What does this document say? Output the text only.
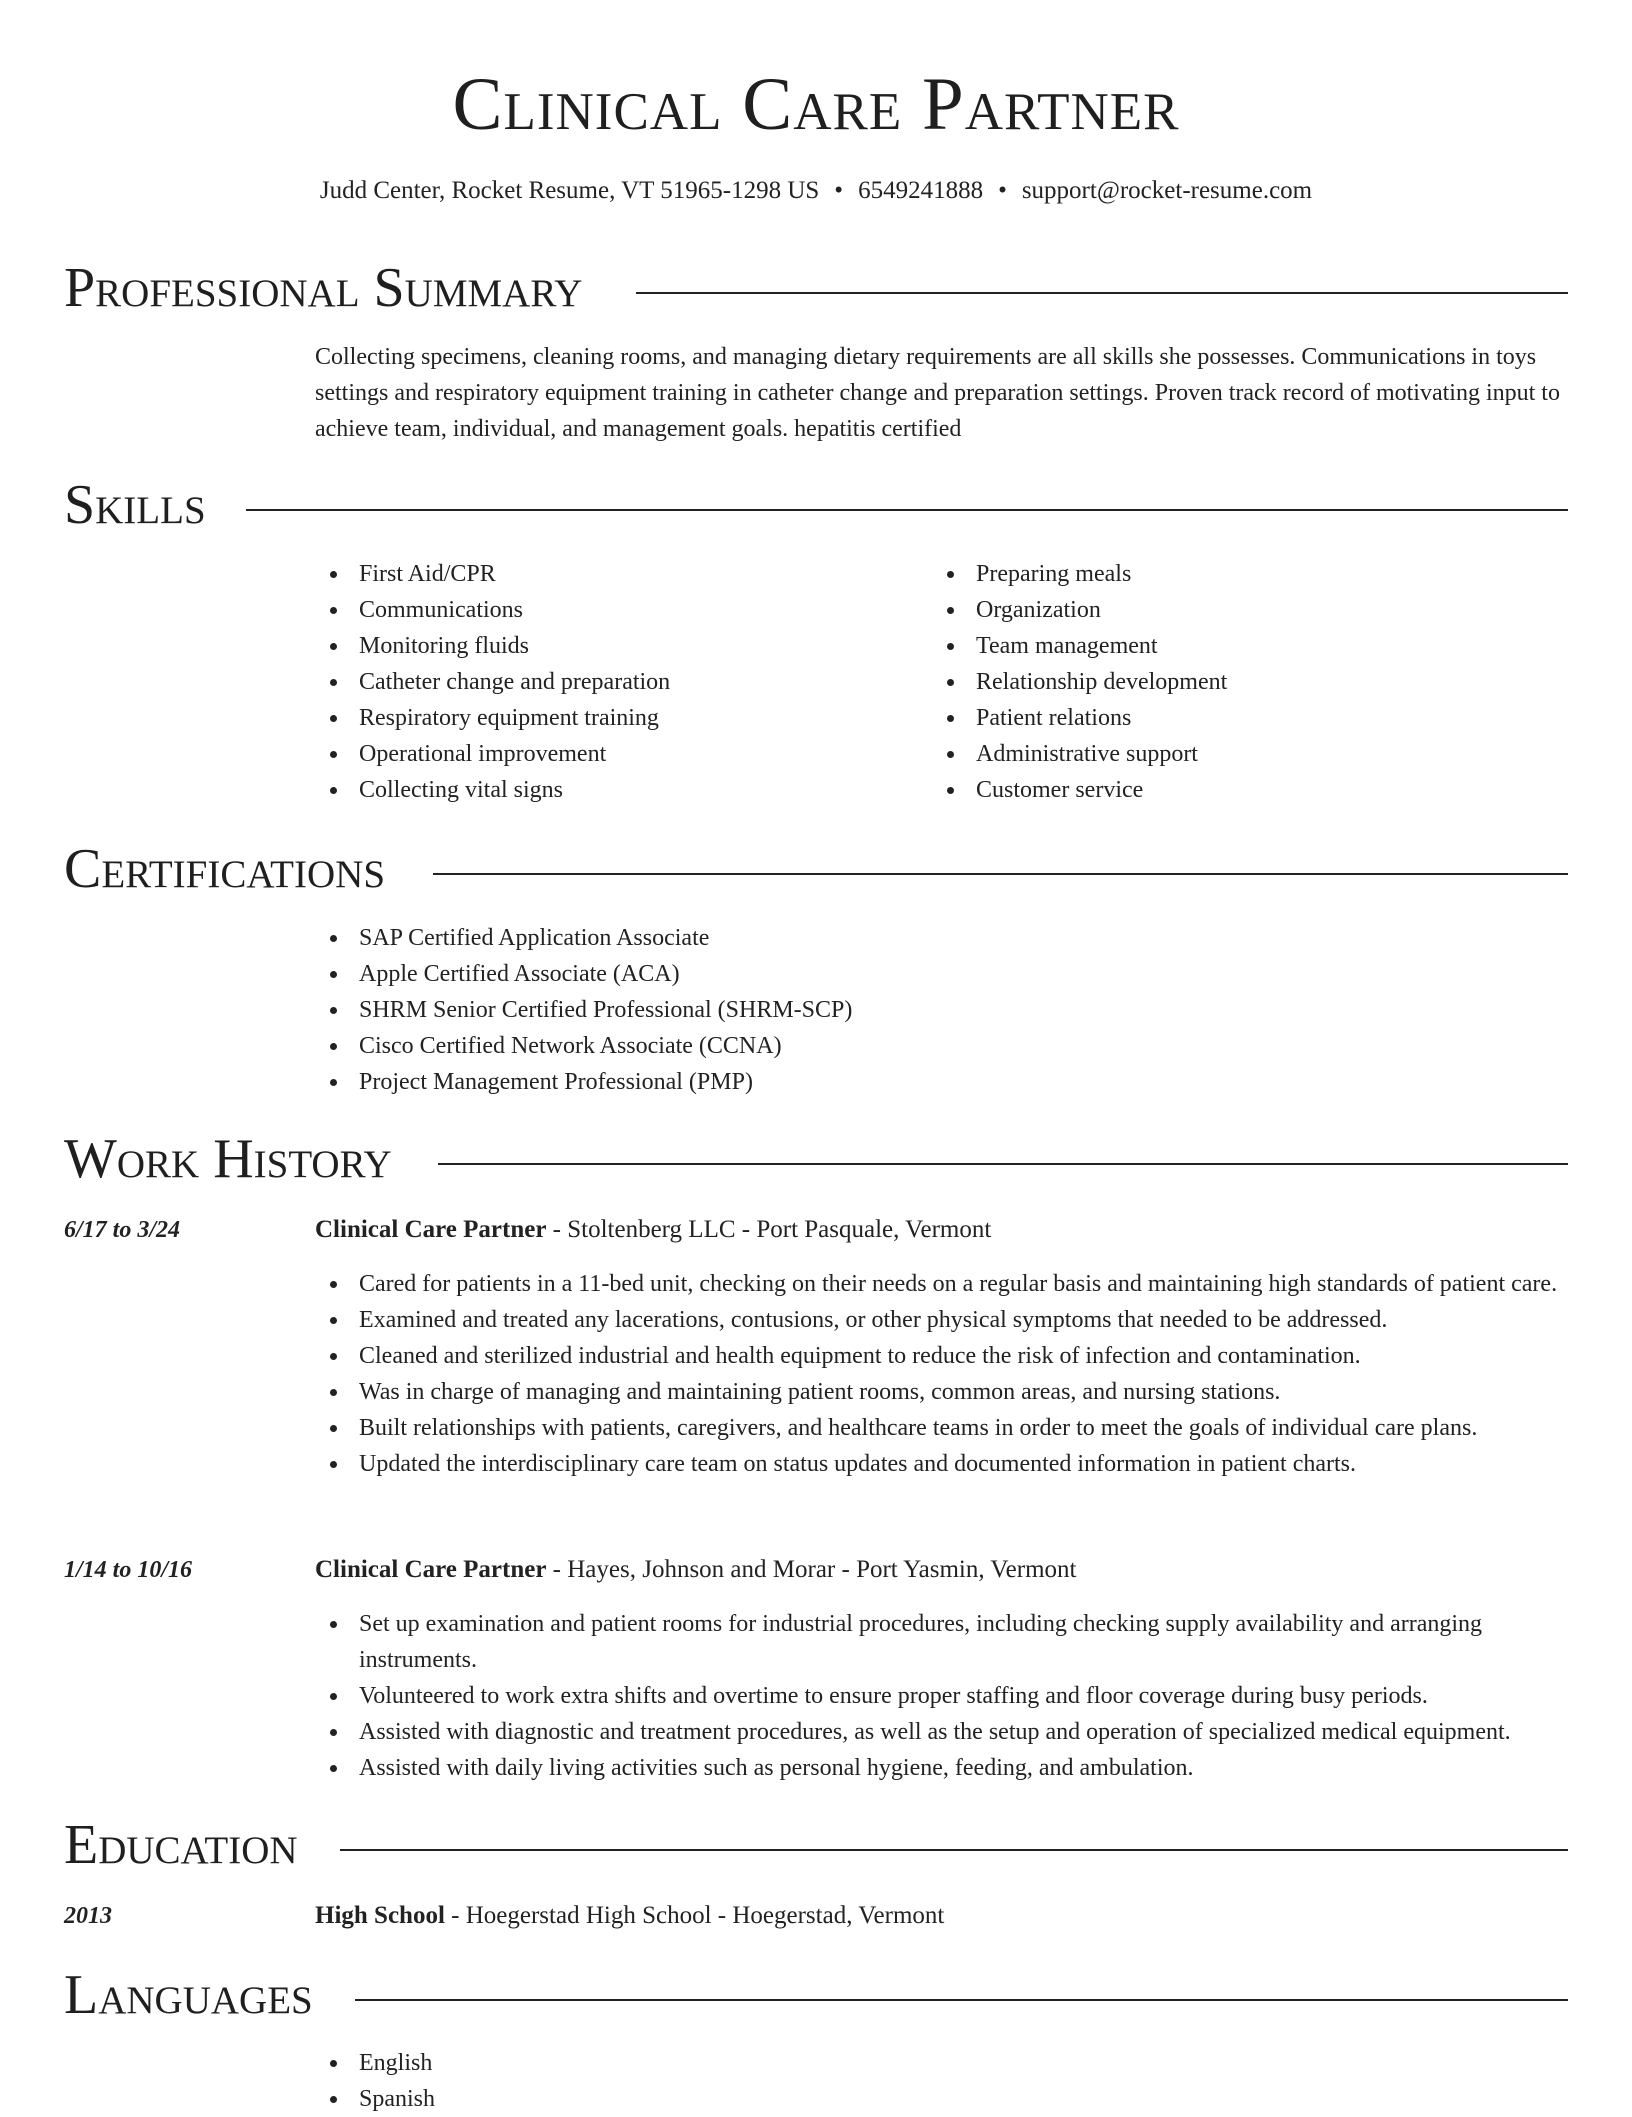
Clinical Care Partner
Judd Center, Rocket Resume, VT 51965-1298 US • 6549241888 • support@rocket-resume.com
Professional Summary
Collecting specimens, cleaning rooms, and managing dietary requirements are all skills she possesses. Communications in toys settings and respiratory equipment training in catheter change and preparation settings. Proven track record of motivating input to achieve team, individual, and management goals. hepatitis certified
Skills
First Aid/CPR
Communications
Monitoring fluids
Catheter change and preparation
Respiratory equipment training
Operational improvement
Collecting vital signs
Preparing meals
Organization
Team management
Relationship development
Patient relations
Administrative support
Customer service
Certifications
SAP Certified Application Associate
Apple Certified Associate (ACA)
SHRM Senior Certified Professional (SHRM-SCP)
Cisco Certified Network Associate (CCNA)
Project Management Professional (PMP)
Work History
6/17 to 3/24	Clinical Care Partner - Stoltenberg LLC - Port Pasquale, Vermont
Cared for patients in a 11-bed unit, checking on their needs on a regular basis and maintaining high standards of patient care.
Examined and treated any lacerations, contusions, or other physical symptoms that needed to be addressed.
Cleaned and sterilized industrial and health equipment to reduce the risk of infection and contamination.
Was in charge of managing and maintaining patient rooms, common areas, and nursing stations.
Built relationships with patients, caregivers, and healthcare teams in order to meet the goals of individual care plans.
Updated the interdisciplinary care team on status updates and documented information in patient charts.
1/14 to 10/16	Clinical Care Partner - Hayes, Johnson and Morar - Port Yasmin, Vermont
Set up examination and patient rooms for industrial procedures, including checking supply availability and arranging instruments.
Volunteered to work extra shifts and overtime to ensure proper staffing and floor coverage during busy periods.
Assisted with diagnostic and treatment procedures, as well as the setup and operation of specialized medical equipment.
Assisted with daily living activities such as personal hygiene, feeding, and ambulation.
Education
2013	High School - Hoegerstad High School - Hoegerstad, Vermont
Languages
English
Spanish
